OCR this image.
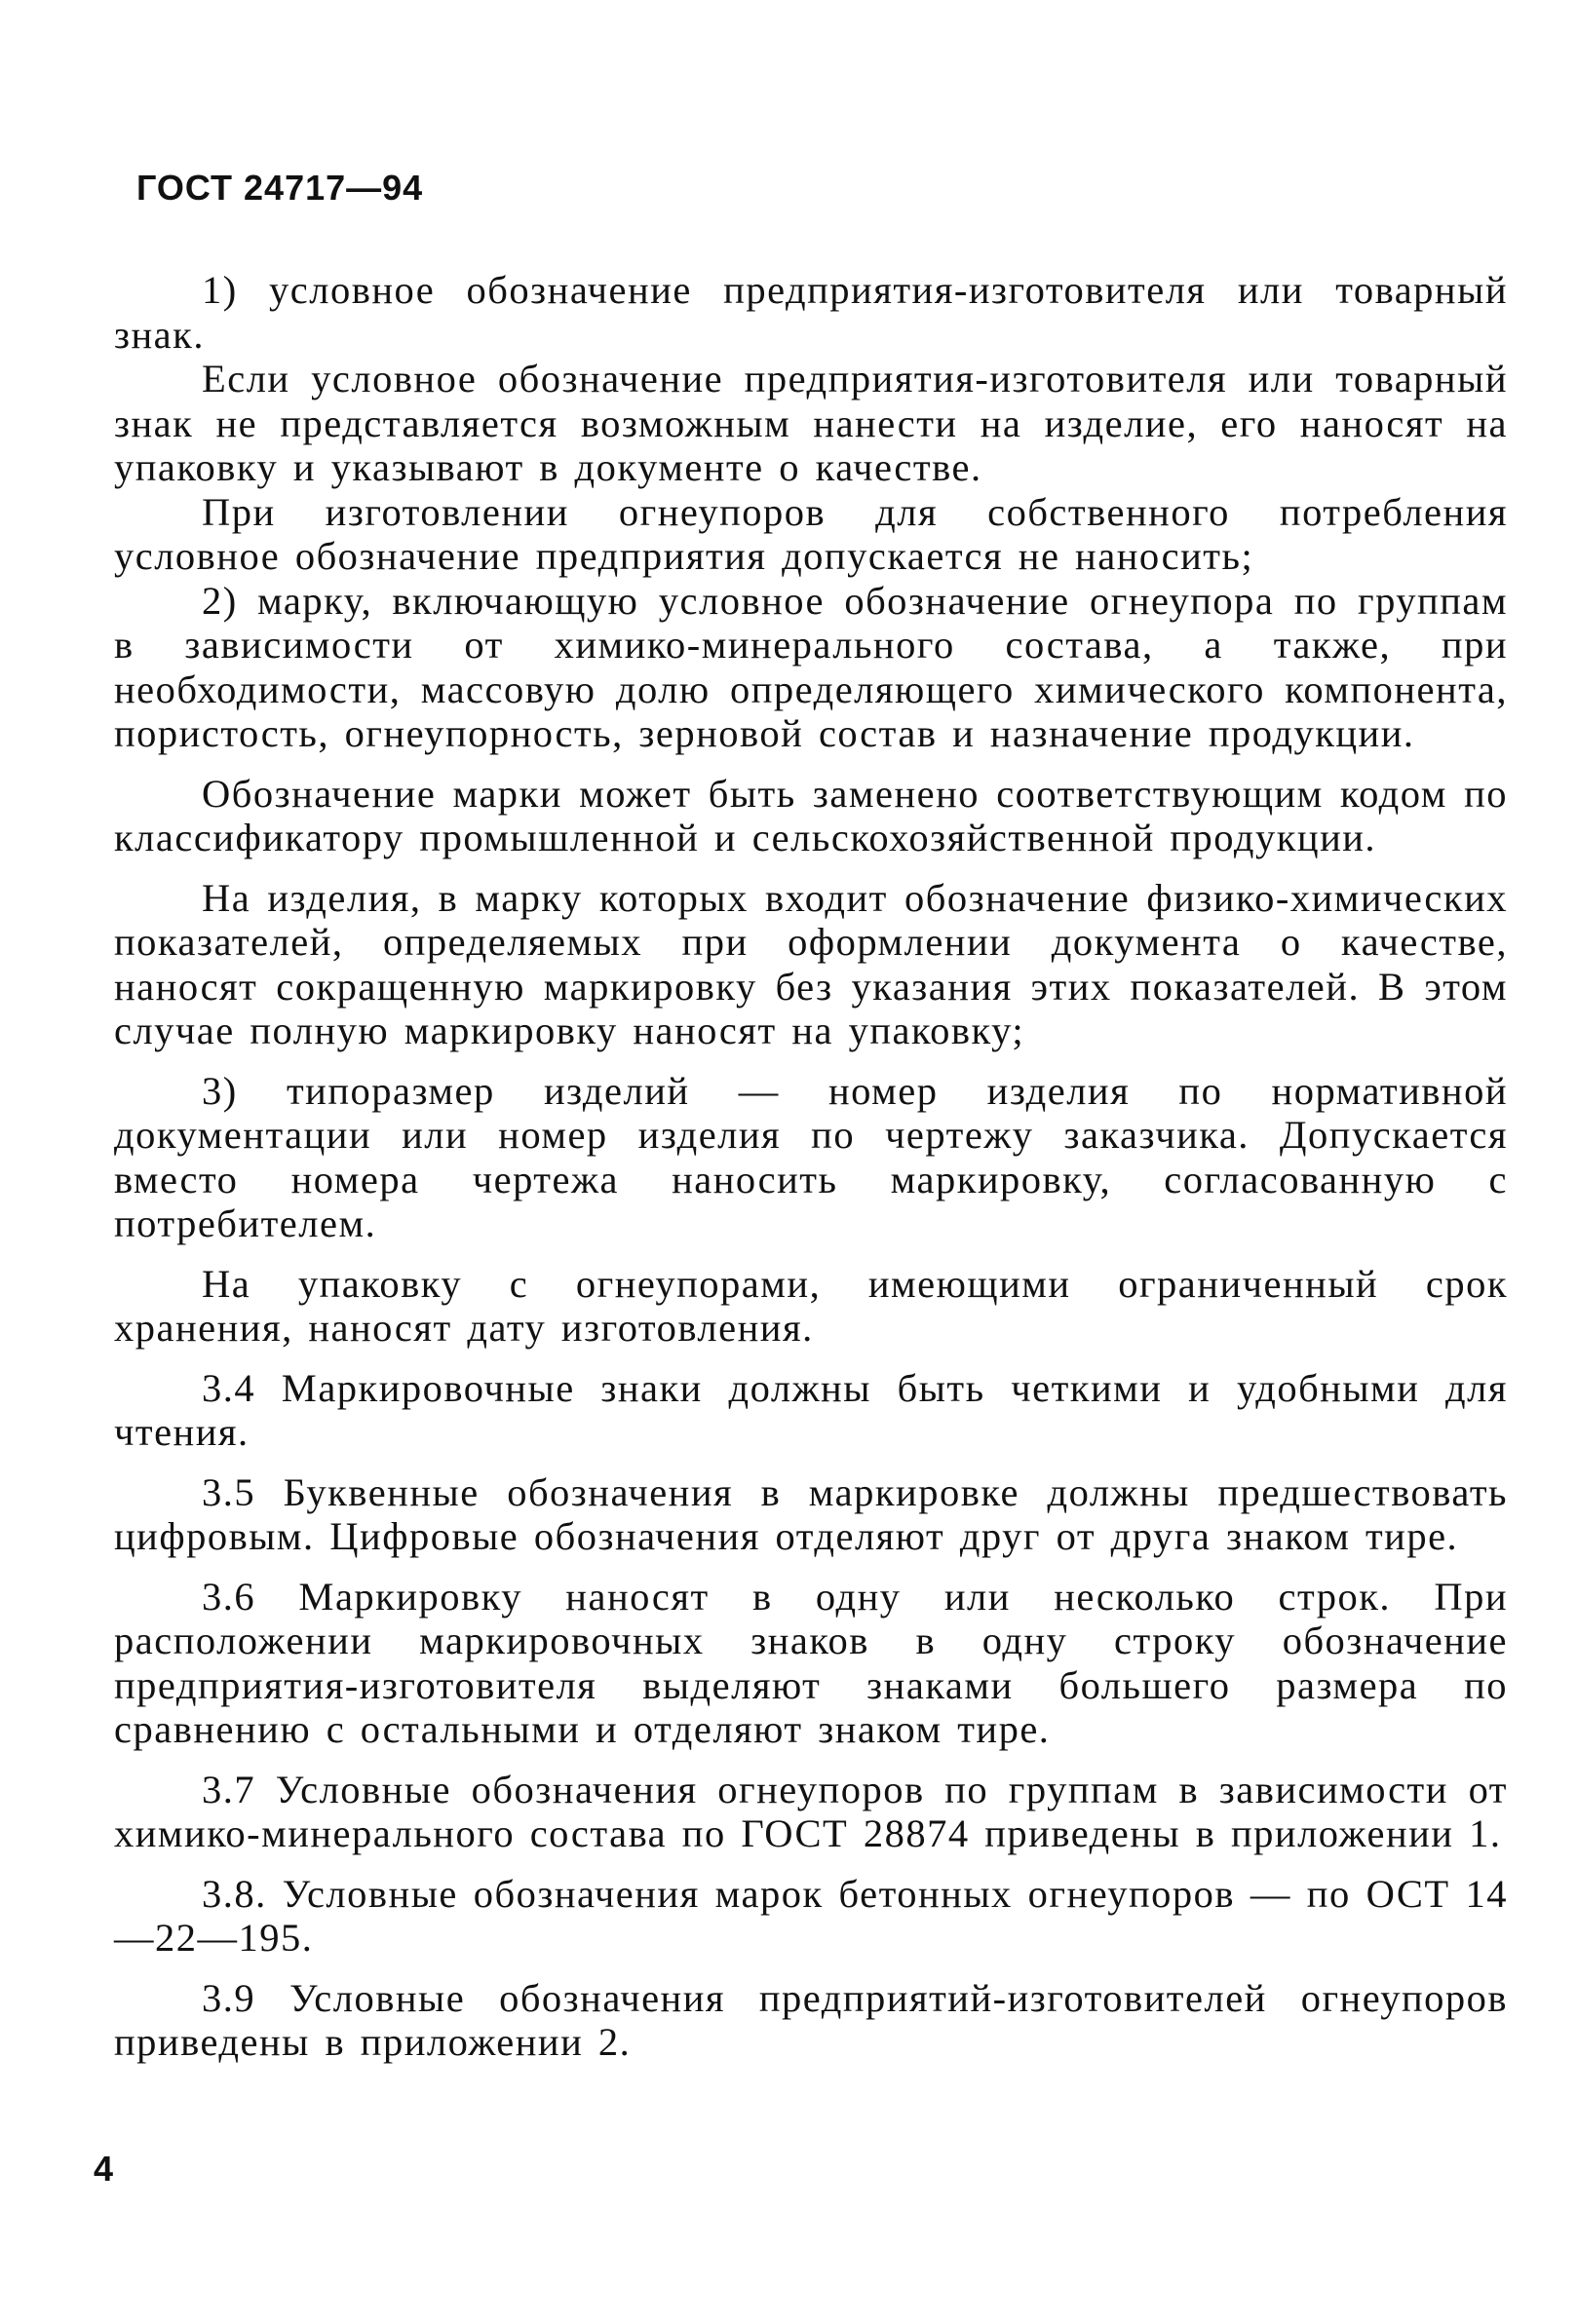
ГОСТ 24717—94

1) условное обозначение предприятия-изготовителя или товарный знак.

Если условное обозначение предприятия-изготовителя или товарный знак не представляется возможным нанести на изделие, его наносят на упаковку и указывают в документе о качестве.

При изготовлении огнеупоров для собственного потребления условное обозначение предприятия допускается не наносить;

2) марку, включающую условное обозначение огнеупора по группам в зависимости от химико-минерального состава, а также, при необходимости, массовую долю определяющего химического компонента, пористость, огнеупорность, зерновой состав и назначение продукции.

Обозначение марки может быть заменено соответствующим кодом по классификатору промышленной и сельскохозяйственной продукции.

На изделия, в марку которых входит обозначение физико-химических показателей, определяемых при оформлении документа о качестве, наносят сокращенную маркировку без указания этих показателей. В этом случае полную маркировку наносят на упаковку;

3) типоразмер изделий — номер изделия по нормативной документации или номер изделия по чертежу заказчика. Допускается вместо номера чертежа наносить маркировку, согласованную с потребителем.

На упаковку с огнеупорами, имеющими ограниченный срок хранения, наносят дату изготовления.

3.4 Маркировочные знаки должны быть четкими и удобными для чтения.

3.5 Буквенные обозначения в маркировке должны предшествовать цифровым. Цифровые обозначения отделяют друг от друга знаком тире.

3.6 Маркировку наносят в одну или несколько строк. При расположении маркировочных знаков в одну строку обозначение предприятия-изготовителя выделяют знаками большего размера по сравнению с остальными и отделяют знаком тире.

3.7 Условные обозначения огнеупоров по группам в зависимости от химико-минерального состава по ГОСТ 28874 приведены в приложении 1.

3.8. Условные обозначения марок бетонных огнеупоров — по ОСТ 14—22—195.

3.9 Условные обозначения предприятий-изготовителей огнеупоров приведены в приложении 2.

4
